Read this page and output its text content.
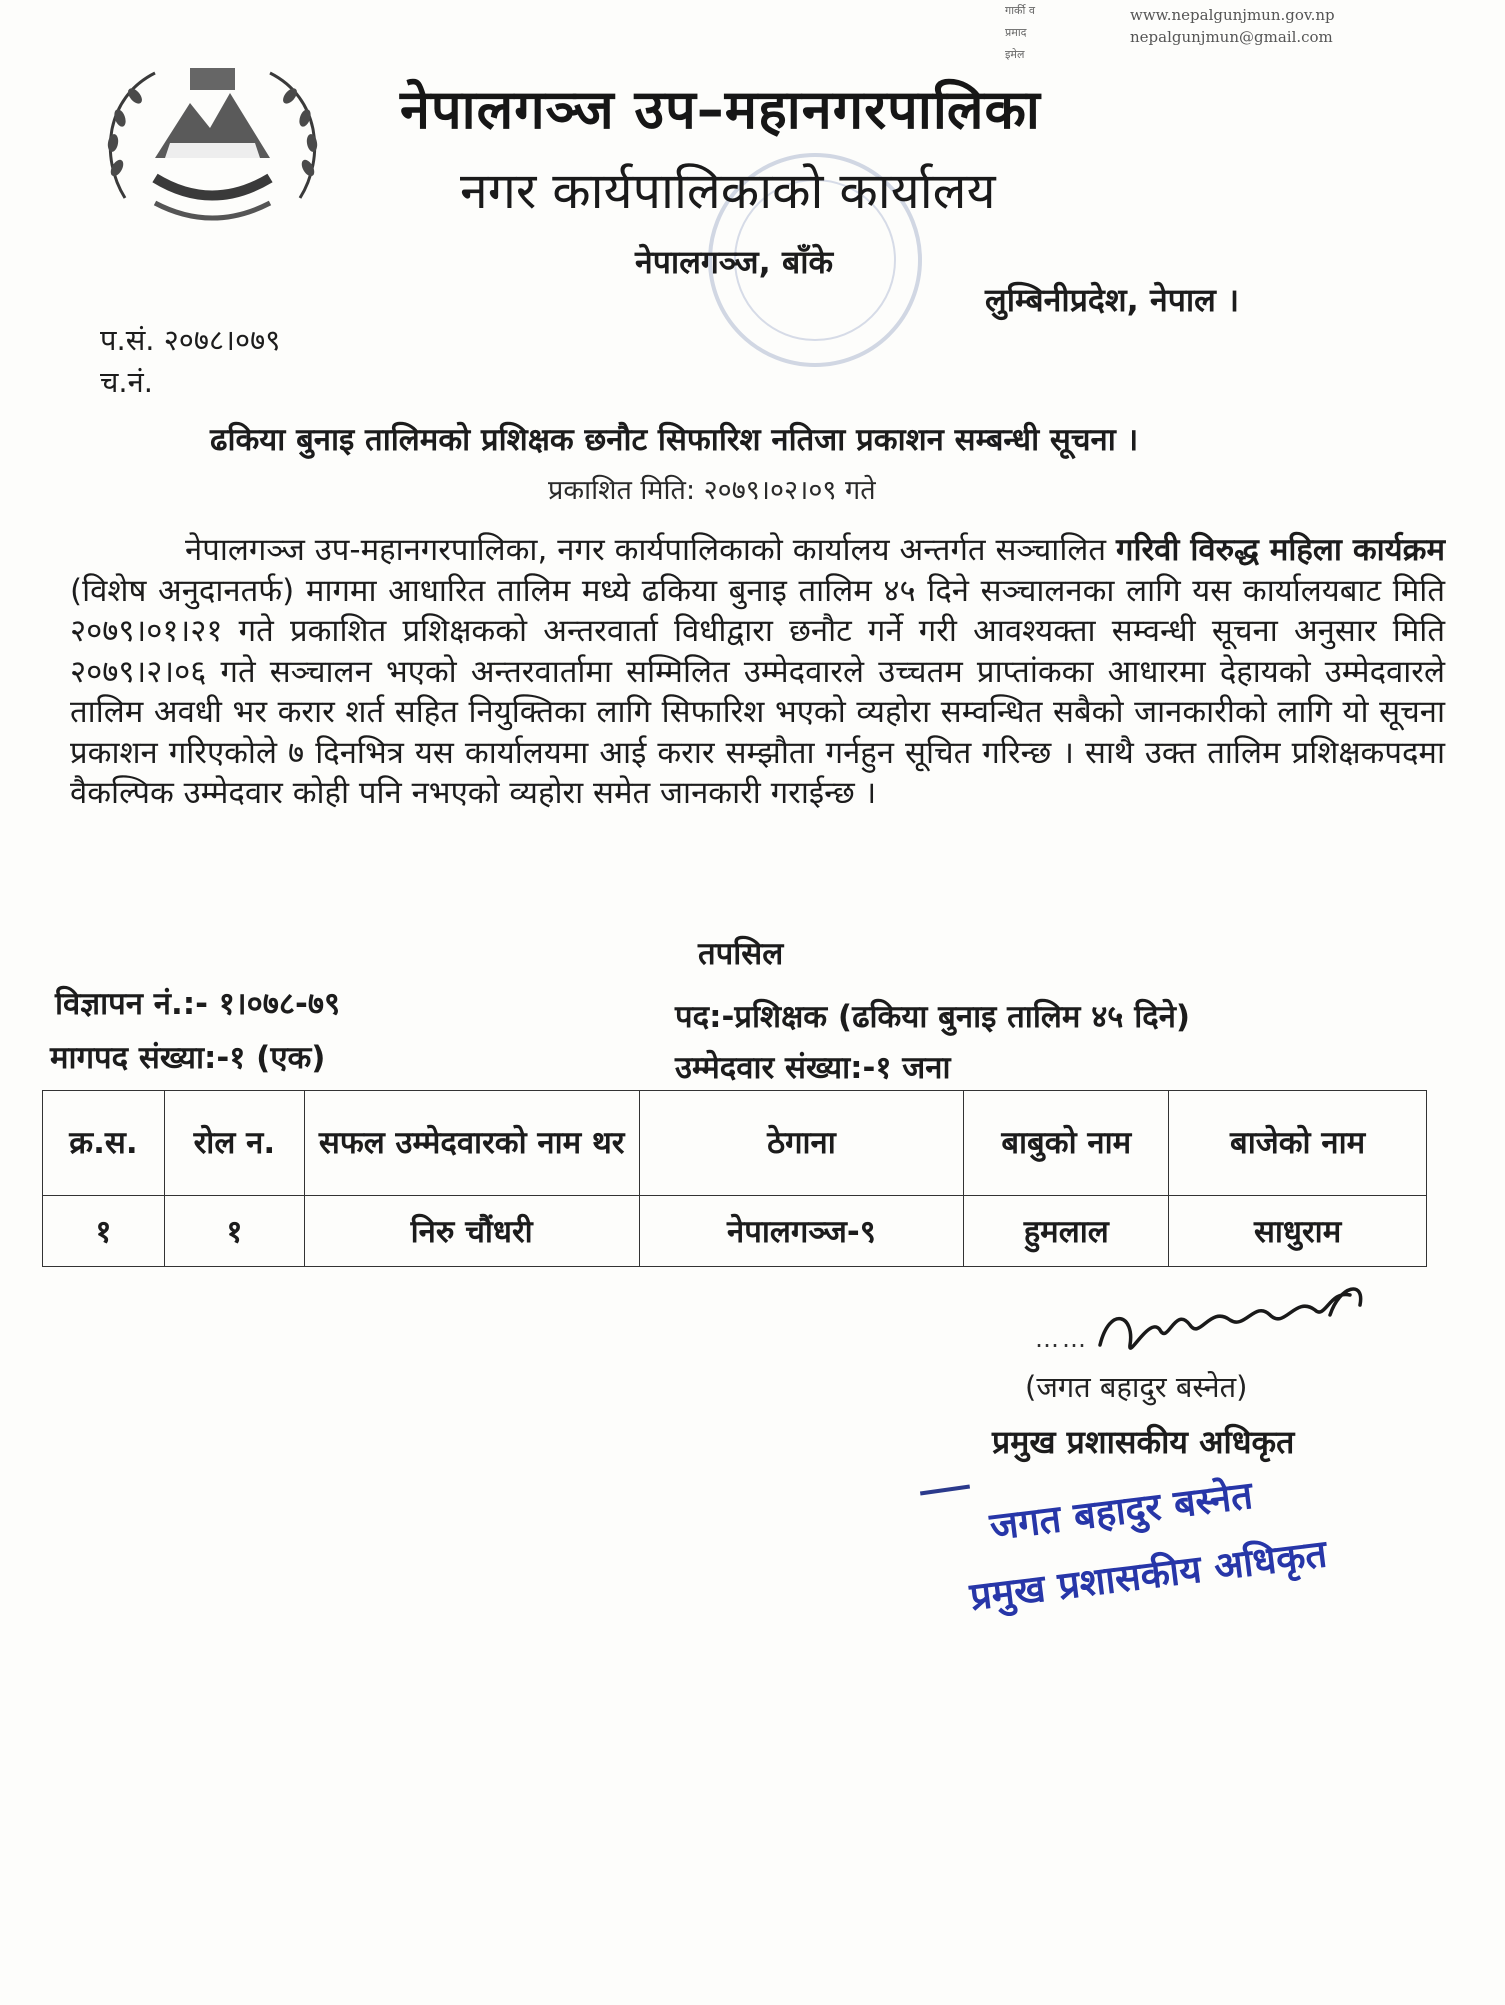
गार्की व
प्रमाद
इमेल
www.nepalgunjmun.gov.np
nepalgunjmun@gmail.com
नेपालगञ्ज उप–महानगरपालिका
नगर कार्यपालिकाको कार्यालय
नेपालगञ्ज, बाँके
लुम्बिनीप्रदेश, नेपाल ।
प.सं. २०७८।०७९
च.नं.
ढकिया बुनाइ तालिमको प्रशिक्षक छनौट सिफारिश नतिजा प्रकाशन सम्बन्धी सूचना ।
प्रकाशित मिति: २०७९।०२।०९ गते
नेपालगञ्ज उप-महानगरपालिका, नगर कार्यपालिकाको कार्यालय अन्तर्गत सञ्चालित गरिवी विरुद्ध महिला कार्यक्रम (विशेष अनुदानतर्फ) मागमा आधारित तालिम मध्ये ढकिया बुनाइ तालिम ४५ दिने सञ्चालनका लागि यस कार्यालयबाट मिति २०७९।०१।२१ गते प्रकाशित प्रशिक्षकको अन्तरवार्ता विधीद्वारा छनौट गर्ने गरी आवश्यक्ता सम्वन्धी सूचना अनुसार मिति २०७९।२।०६ गते सञ्चालन भएको अन्तरवार्तामा सम्मिलित उम्मेदवारले उच्चतम प्राप्तांकका आधारमा देहायको उम्मेदवारले तालिम अवधी भर करार शर्त सहित नियुक्तिका लागि सिफारिश भएको व्यहोरा सम्वन्धित सबैको जानकारीको लागि यो सूचना प्रकाशन गरिएकोले ७ दिनभित्र यस कार्यालयमा आई करार सम्झौता गर्नहुन सूचित गरिन्छ । साथै उक्त तालिम प्रशिक्षकपदमा वैकल्पिक उम्मेदवार कोही पनि नभएको व्यहोरा समेत जानकारी गराईन्छ ।
तपसिल
विज्ञापन नं.:- १।०७८-७९
मागपद संख्या:-१ (एक)
पद:-प्रशिक्षक (ढकिया बुनाइ तालिम ४५ दिने)
उम्मेदवार संख्या:-१ जना
क्र.स.	रोल न.	सफल उम्मेदवारको नाम थर	ठेगाना	बाबुको नाम	बाजेको नाम
१	१	निरु चौंधरी	नेपालगञ्ज-९	हुमलाल	साधुराम
……
(जगत बहादुर बस्नेत)
प्रमुख प्रशासकीय अधिकृत
जगत बहादुर बस्नेत
प्रमुख प्रशासकीय अधिकृत
